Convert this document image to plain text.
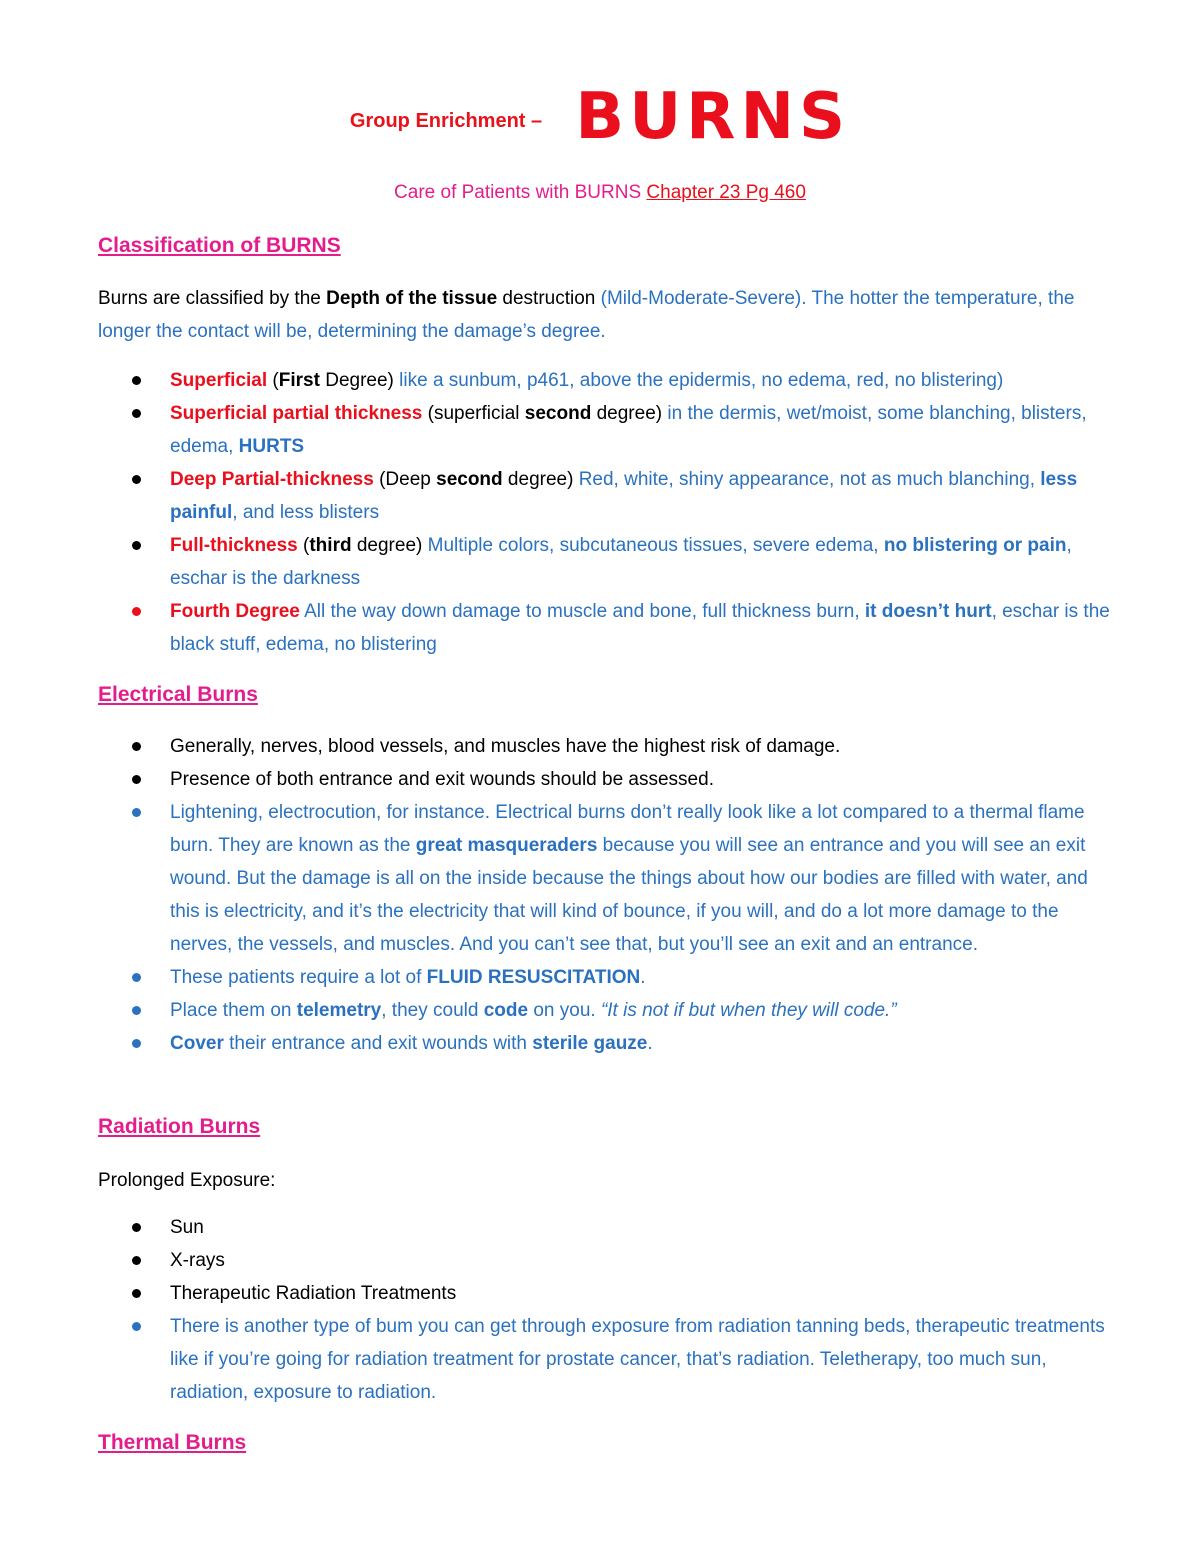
Group Enrichment – BURNS
Care of Patients with BURNS Chapter 23 Pg 460
Classification of BURNS
Burns are classified by the Depth of the tissue destruction (Mild-Moderate-Severe). The hotter the temperature, the longer the contact will be, determining the damage’s degree.
Superficial (First Degree) like a sunbum, p461, above the epidermis, no edema, red, no blistering)
Superficial partial thickness (superficial second degree) in the dermis, wet/moist, some blanching, blisters, edema, HURTS
Deep Partial-thickness (Deep second degree) Red, white, shiny appearance, not as much blanching, less painful, and less blisters
Full-thickness (third degree) Multiple colors, subcutaneous tissues, severe edema, no blistering or pain, eschar is the darkness
Fourth Degree All the way down damage to muscle and bone, full thickness burn, it doesn’t hurt, eschar is the black stuff, edema, no blistering
Electrical Burns
Generally, nerves, blood vessels, and muscles have the highest risk of damage.
Presence of both entrance and exit wounds should be assessed.
Lightening, electrocution, for instance. Electrical burns don’t really look like a lot compared to a thermal flame burn. They are known as the great masqueraders because you will see an entrance and you will see an exit wound. But the damage is all on the inside because the things about how our bodies are filled with water, and this is electricity, and it’s the electricity that will kind of bounce, if you will, and do a lot more damage to the nerves, the vessels, and muscles. And you can’t see that, but you’ll see an exit and an entrance.
These patients require a lot of FLUID RESUSCITATION.
Place them on telemetry, they could code on you. “It is not if but when they will code.”
Cover their entrance and exit wounds with sterile gauze.
Radiation Burns
Prolonged Exposure:
Sun
X-rays
Therapeutic Radiation Treatments
There is another type of bum you can get through exposure from radiation tanning beds, therapeutic treatments like if you’re going for radiation treatment for prostate cancer, that’s radiation. Teletherapy, too much sun, radiation, exposure to radiation.
Thermal Burns
